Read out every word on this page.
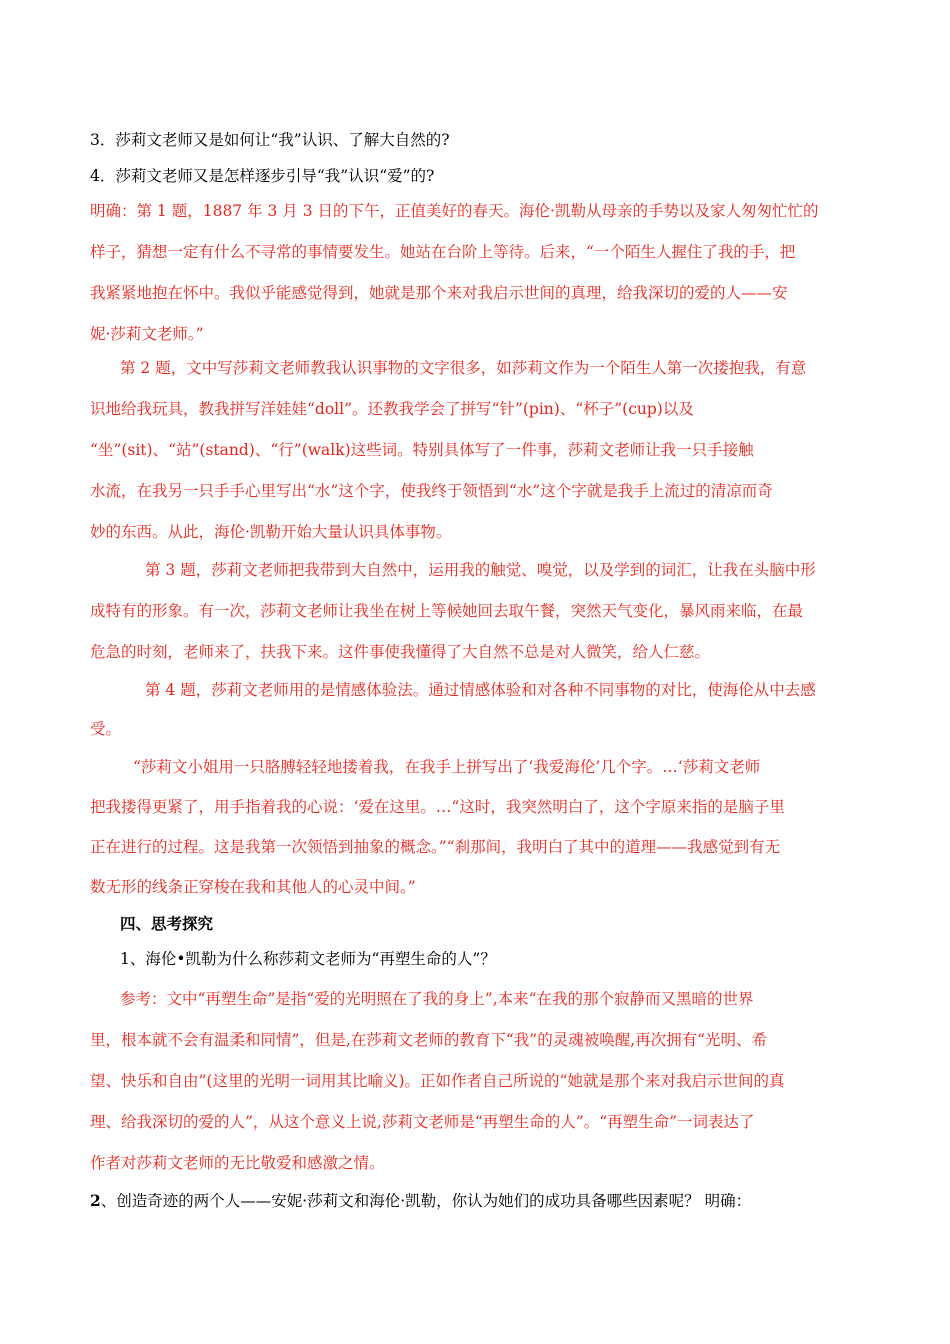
3．莎莉文老师又是如何让“我”认识、了解大自然的?
4．莎莉文老师又是怎样逐步引导“我”认识“爱”的?
明确：第 1 题，1887 年 3 月 3 日的下午，正值美好的春天。海伦·凯勒从母亲的手势以及家人匆匆忙忙的
样子，猜想一定有什么不寻常的事情要发生。她站在台阶上等待。后来，“一个陌生人握住了我的手，把
我紧紧地抱在怀中。我似乎能感觉得到，她就是那个来对我启示世间的真理，给我深切的爱的人——安
妮·莎莉文老师。”
第 2 题，文中写莎莉文老师教我认识事物的文字很多，如莎莉文作为一个陌生人第一次搂抱我，有意
识地给我玩具，教我拼写洋娃娃“doll”。还教我学会了拼写“针”(pin)、“杯子”(cup)以及
“坐”(sit)、“站”(stand)、“行”(walk)这些词。特别具体写了一件事，莎莉文老师让我一只手接触
水流，在我另一只手手心里写出“水”这个字，使我终于领悟到“水”这个字就是我手上流过的清凉而奇
妙的东西。从此，海伦·凯勒开始大量认识具体事物。
第 3 题，莎莉文老师把我带到大自然中，运用我的触觉、嗅觉，以及学到的词汇，让我在头脑中形
成特有的形象。有一次，莎莉文老师让我坐在树上等候她回去取午餐，突然天气变化，暴风雨来临，在最
危急的时刻，老师来了，扶我下来。这件事使我懂得了大自然不总是对人微笑，给人仁慈。
第 4 题，莎莉文老师用的是情感体验法。通过情感体验和对各种不同事物的对比，使海伦从中去感
受。
“莎莉文小姐用一只胳膊轻轻地搂着我，在我手上拼写出了‘我爱海伦’几个字。…‘莎莉文老师
把我搂得更紧了，用手指着我的心说：‘爱在这里。…“这时，我突然明白了，这个字原来指的是脑子里
正在进行的过程。这是我第一次领悟到抽象的概念。”“刹那间，我明白了其中的道理——我感觉到有无
数无形的线条正穿梭在我和其他人的心灵中间。”
四、思考探究
1、海伦•凯勒为什么称莎莉文老师为“再塑生命的人”？
参考：文中“再塑生命”是指“爱的光明照在了我的身上”,本来“在我的那个寂静而又黑暗的世界
里，根本就不会有温柔和同情”，但是,在莎莉文老师的教育下“我”的灵魂被唤醒,再次拥有“光明、希
望、快乐和自由”(这里的光明一词用其比喻义)。正如作者自己所说的“她就是那个来对我启示世间的真
理、给我深切的爱的人”，从这个意义上说,莎莉文老师是“再塑生命的人”。“再塑生命”一词表达了
作者对莎莉文老师的无比敬爱和感激之情。
2、创造奇迹的两个人——安妮·莎莉文和海伦·凯勒，你认为她们的成功具备哪些因素呢？ 明确：
